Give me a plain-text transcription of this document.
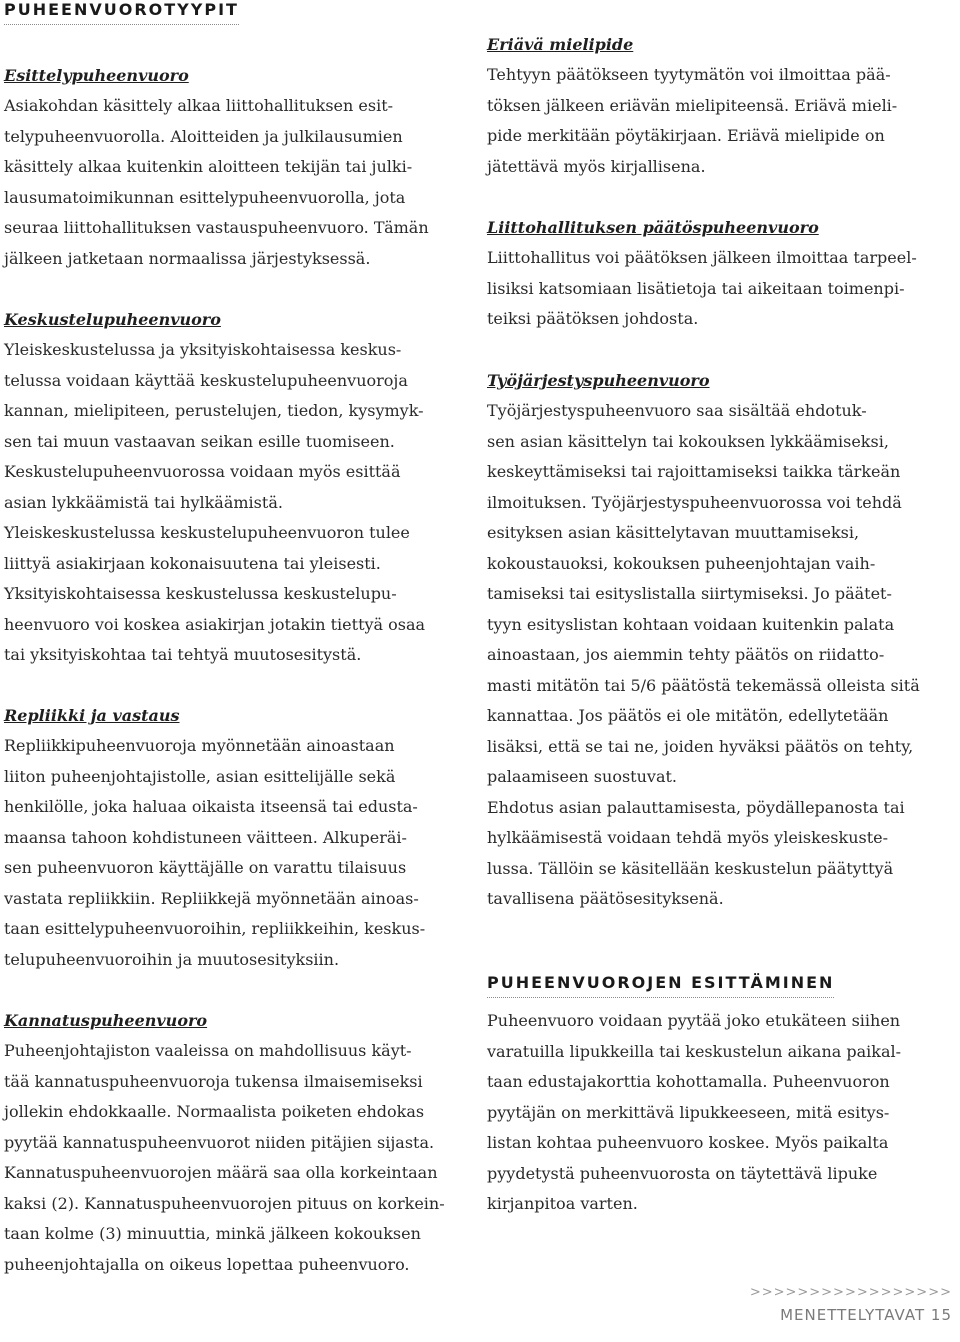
PUHEENVUOROTYYPIT
Esittelypuheenvuoro

Asiakohdan käsittely alkaa liittohallituksen esit-

telypuheenvuorolla. Aloitteiden ja julkilausumien

käsittely alkaa kuitenkin aloitteen tekijän tai julki-

lausumatoimikunnan esittelypuheenvuorolla, jota

seuraa liittohallituksen vastauspuheenvuoro. Tämän

jälkeen jatketaan normaalissa järjestyksessä.

Keskustelupuheenvuoro

Yleiskeskustelussa ja yksityiskohtaisessa keskus-

telussa voidaan käyttää keskustelupuheenvuoroja

kannan, mielipiteen, perustelujen, tiedon, kysymyk-

sen tai muun vastaavan seikan esille tuomiseen.

Keskustelupuheenvuorossa voidaan myös esittää

asian lykkäämistä tai hylkäämistä.

Yleiskeskustelussa keskustelupuheenvuoron tulee

liittyä asiakirjaan kokonaisuutena tai yleisesti.

Yksityiskohtaisessa keskustelussa keskustelupu-

heenvuoro voi koskea asiakirjan jotakin tiettyä osaa

tai yksityiskohtaa tai tehtyä muutosesitystä.

Repliikki ja vastaus

Repliikkipuheenvuoroja myönnetään ainoastaan

liiton puheenjohtajistolle, asian esittelijälle sekä

henkilölle, joka haluaa oikaista itseensä tai edusta-

maansa tahoon kohdistuneen väitteen. Alkuperäi-

sen puheenvuoron käyttäjälle on varattu tilaisuus

vastata repliikkiin. Repliikkejä myönnetään ainoas-

taan esittelypuheenvuoroihin, repliikkeihin, keskus-

telupuheenvuoroihin ja muutosesityksiin.

Kannatuspuheenvuoro

Puheenjohtajiston vaaleissa on mahdollisuus käyt-

tää kannatuspuheenvuoroja tukensa ilmaisemiseksi

jollekin ehdokkaalle. Normaalista poiketen ehdokas

pyytää kannatuspuheenvuorot niiden pitäjien sijasta.

Kannatuspuheenvuorojen määrä saa olla korkeintaan

kaksi (2). Kannatuspuheenvuorojen pituus on korkein-

taan kolme (3) minuuttia, minkä jälkeen kokouksen

puheenjohtajalla on oikeus lopettaa puheenvuoro.

Eriävä mielipide

Tehtyyn päätökseen tyytymätön voi ilmoittaa pää-

töksen jälkeen eriävän mielipiteensä. Eriävä mieli-

pide merkitään pöytäkirjaan. Eriävä mielipide on

jätettävä myös kirjallisena.

Liittohallituksen päätöspuheenvuoro

Liittohallitus voi päätöksen jälkeen ilmoittaa tarpeel-

lisiksi katsomiaan lisätietoja tai aikeitaan toimenpi-

teiksi päätöksen johdosta.

Työjärjestyspuheenvuoro

Työjärjestyspuheenvuoro saa sisältää ehdotuk-

sen asian käsittelyn tai kokouksen lykkäämiseksi,

keskeyttämiseksi tai rajoittamiseksi taikka tärkeän

ilmoituksen. Työjärjestyspuheenvuorossa voi tehdä

esityksen asian käsittelytavan muuttamiseksi,

kokoustauoksi, kokouksen puheenjohtajan vaih-

tamiseksi tai esityslistalla siirtymiseksi. Jo päätet-

tyyn esityslistan kohtaan voidaan kuitenkin palata

ainoastaan, jos aiemmin tehty päätös on riidatto-

masti mitätön tai 5/6 päätöstä tekemässä olleista sitä

kannattaa. Jos päätös ei ole mitätön, edellytetään

lisäksi, että se tai ne, joiden hyväksi päätös on tehty,

palaamiseen suostuvat.

Ehdotus asian palauttamisesta, pöydällepanosta tai

hylkäämisestä voidaan tehdä myös yleiskeskuste-

lussa. Tällöin se käsitellään keskustelun päätyttyä

tavallisena päätösesityksenä.

PUHEENVUOROJEN ESITTÄMINEN

Puheenvuoro voidaan pyytää joko etukäteen siihen

varatuilla lipukkeilla tai keskustelun aikana paikal-

taan edustajakorttia kohottamalla. Puheenvuoron

pyytäjän on merkittävä lipukkeeseen, mitä esitys-

listan kohtaa puheenvuoro koskee. Myös paikalta

pyydetystä puheenvuorosta on täytettävä lipuke

kirjanpitoa varten.

>>>>>>>>>>>>>>>>>
MENETTELYTAVAT 15
